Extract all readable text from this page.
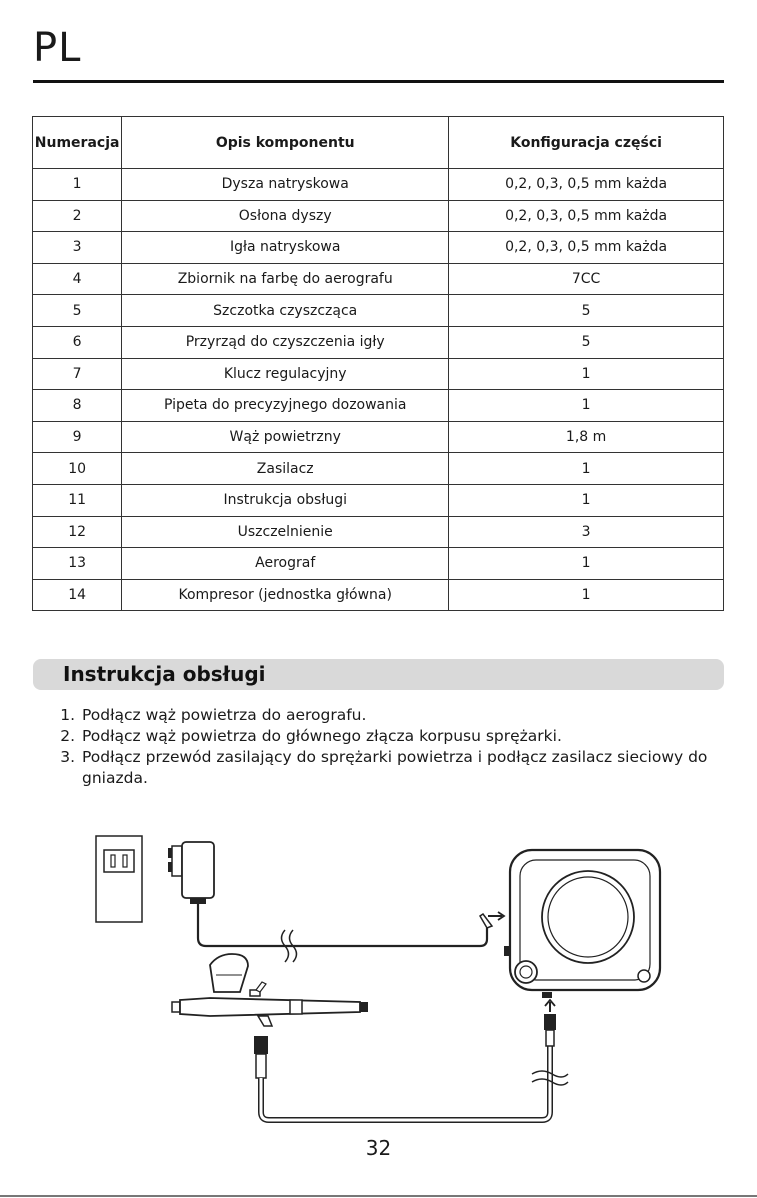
PL
Numeracja	Opis komponentu	Konfiguracja części
1	Dysza natryskowa	0,2, 0,3, 0,5 mm każda
2	Osłona dyszy	0,2, 0,3, 0,5 mm każda
3	Igła natryskowa	0,2, 0,3, 0,5 mm każda
4	Zbiornik na farbę do aerografu	7CC
5	Szczotka czyszcząca	5
6	Przyrząd do czyszczenia igły	5
7	Klucz regulacyjny	1
8	Pipeta do precyzyjnego dozowania	1
9	Wąż powietrzny	1,8 m
10	Zasilacz	1
11	Instrukcja obsługi	1
12	Uszczelnienie	3
13	Aerograf	1
14	Kompresor (jednostka główna)	1
Instrukcja obsługi
1. Podłącz wąż powietrza do aerografu.
2. Podłącz wąż powietrza do głównego złącza korpusu sprężarki.
3. Podłącz przewód zasilający do sprężarki powietrza i podłącz zasilacz sieciowy do gniazda.
32
